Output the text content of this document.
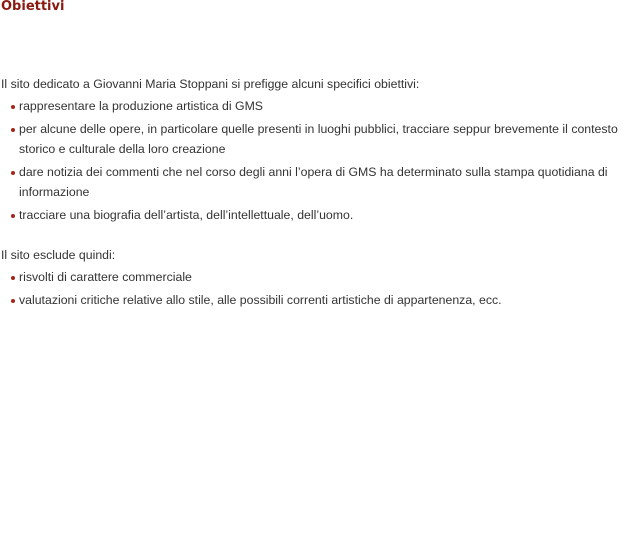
Obiettivi

Il sito dedicato a Giovanni Maria Stoppani si prefigge alcuni specifici obiettivi:

rappresentare la produzione artistica di GMS
per alcune delle opere, in particolare quelle presenti in luoghi pubblici, tracciare seppur brevemente il contesto storico e culturale della loro creazione
dare notizia dei commenti che nel corso degli anni l’opera di GMS ha determinato sulla stampa quotidiana di informazione
tracciare una biografia dell’artista, dell’intellettuale, dell’uomo.

Il sito esclude quindi:

risvolti di carattere commerciale
valutazioni critiche relative allo stile, alle possibili correnti artistiche di appartenenza, ecc.
